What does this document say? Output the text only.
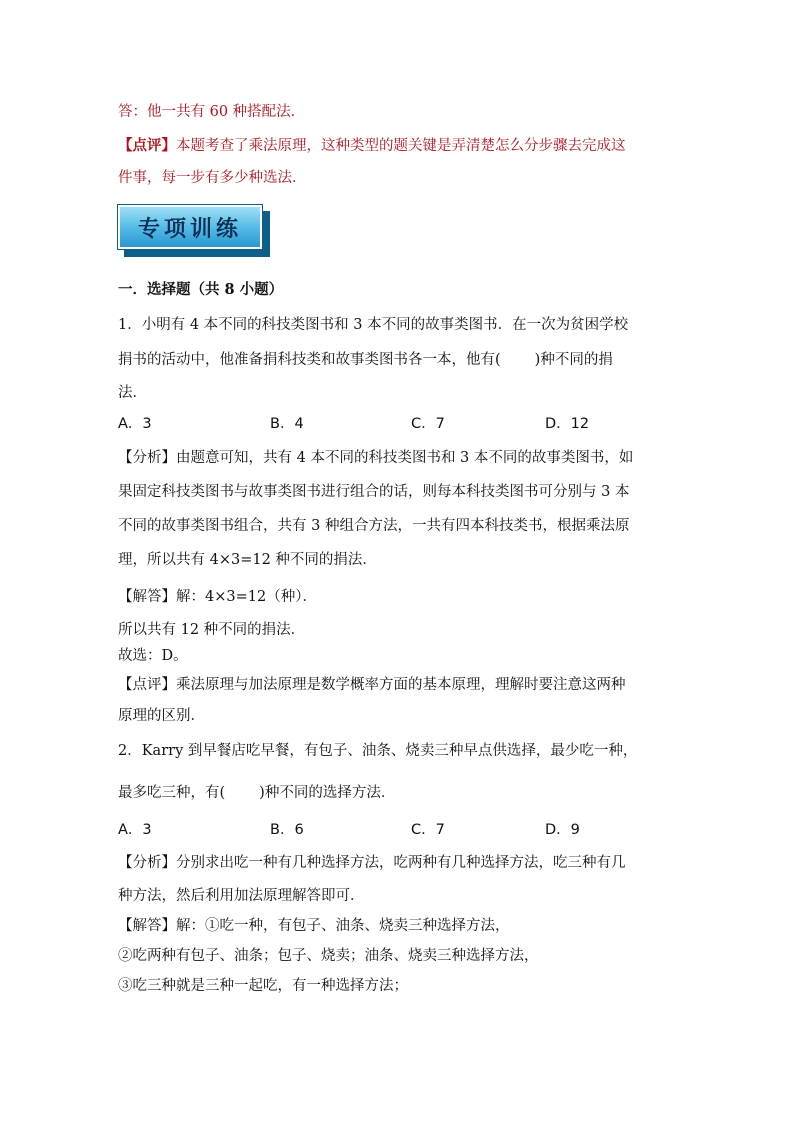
答：他一共有 60 种搭配法．
【点评】本题考查了乘法原理，这种类型的题关键是弄清楚怎么分步骤去完成这
件事，每一步有多少种选法．
专项训练
一．选择题（共 8 小题）
1．小明有 4 本不同的科技类图书和 3 本不同的故事类图书．在一次为贫困学校
捐书的活动中，他准备捐科技类和故事类图书各一本，他有( )种不同的捐
法．
A．3	B．4	C．7	D．12
【分析】由题意可知，共有 4 本不同的科技类图书和 3 本不同的故事类图书，如
果固定科技类图书与故事类图书进行组合的话，则每本科技类图书可分别与 3 本
不同的故事类图书组合，共有 3 种组合方法，一共有四本科技类书，根据乘法原
理，所以共有 4×3=12 种不同的捐法．
【解答】解：4×3=12（种）．
所以共有 12 种不同的捐法．
故选：D。
【点评】乘法原理与加法原理是数学概率方面的基本原理，理解时要注意这两种
原理的区别．
2．Karry 到早餐店吃早餐，有包子、油条、烧卖三种早点供选择，最少吃一种，
最多吃三种，有( )种不同的选择方法．
A．3	B．6	C．7	D．9
【分析】分别求出吃一种有几种选择方法，吃两种有几种选择方法，吃三种有几
种方法，然后利用加法原理解答即可．
【解答】解：①吃一种，有包子、油条、烧卖三种选择方法，
②吃两种有包子、油条；包子、烧卖；油条、烧卖三种选择方法，
③吃三种就是三种一起吃，有一种选择方法；
